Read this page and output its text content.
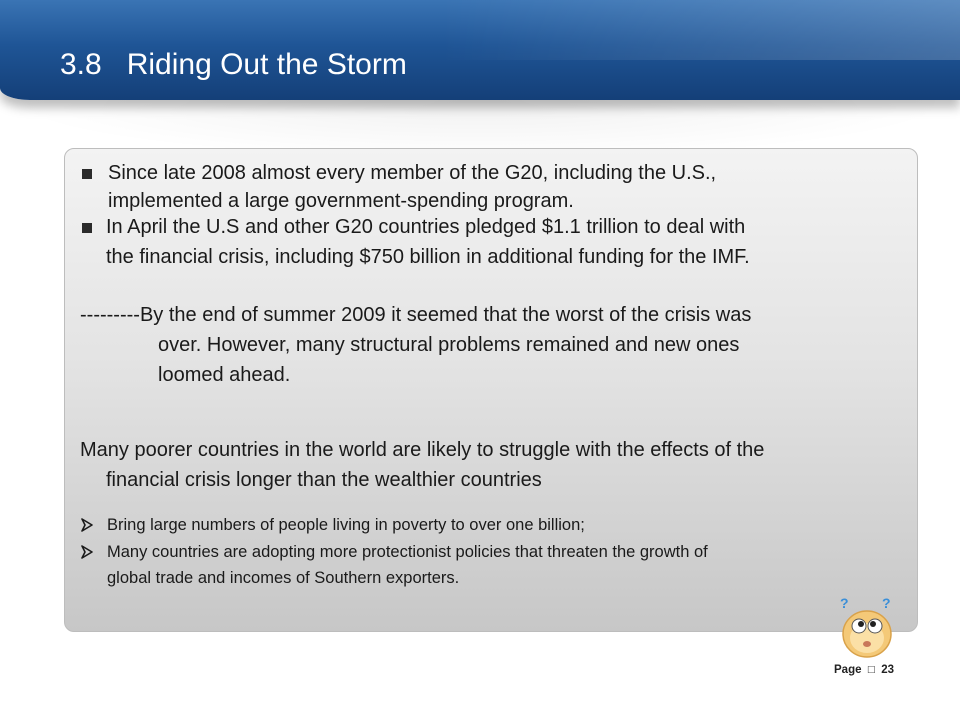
3.8   Riding Out the Storm

Since late 2008 almost every member of the G20, including the U.S.,

implemented a large government-spending program.

In April the U.S and other G20 countries pledged $1.1 trillion to deal with

the financial crisis, including $750 billion in additional funding for the IMF.

---------By the end of summer 2009 it seemed that the worst of the crisis was

over. However, many structural problems remained and new ones

loomed ahead.

Many poorer countries in the world are likely to struggle with the effects of the

financial crisis longer than the wealthier countries

Bring large numbers of people living in poverty to over one billion;

Many countries are adopting more protectionist policies that threaten the growth of

global trade and incomes of Southern exporters.

? ?
Page  □  23
